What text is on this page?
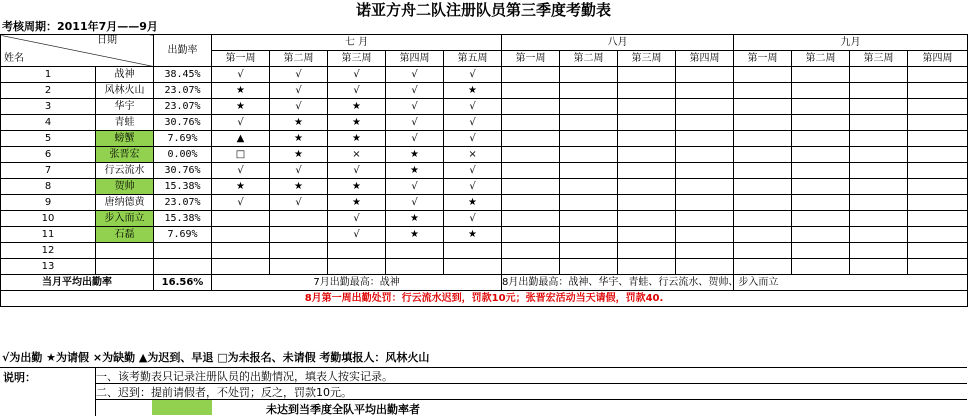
诺亚方舟二队注册队员第三季度考勤表
考核周期：2011年7月——9月
日期
姓名		出勤率	七 月					八月				九月			
			第一周	第二周	第三周	第四周	第五周	第一周	第二周	第三周	第四周	第一周	第二周	第三周	第四周
1	战神	38.45%	√	√	√	√	√								
2	风林火山	23.07%	★	√	√	√	★								
3	华宇	23.07%	★	√	★	√	√								
4	青蛙	30.76%	√	★	★	√	√								
5	螃蟹	7.69%	▲	★	★	√	√								
6	张晋宏	0.00%	□	★	×	★	×								
7	行云流水	30.76%	√	√	√	★	√								
8	贺帅	15.38%	★	★	★	√	√								
9	唐纳德黄	23.07%	√	√	★	√	★								
10	步入而立	15.38%			√	★	√								
11	石磊	7.69%			√	★	★								
12															
13															
当月平均出勤率		16.56%	7月出勤最高：战神					8月出勤最高：战神、华宇、青蛙、行云流水、贺帅、步入而立							
8月第一周出勤处罚：行云流水迟到，罚款10元；张晋宏活动当天请假，罚款40.															
√为出勤 ★为请假 ×为缺勤 ▲为迟到、早退 □为未报名、未请假 考勤填报人：风林火山
说明：	一、该考勤表只记录注册队员的出勤情况，填表人按实记录。
二、迟到：提前请假者，不处罚；反之，罚款10元。
未达到当季度全队平均出勤率者
